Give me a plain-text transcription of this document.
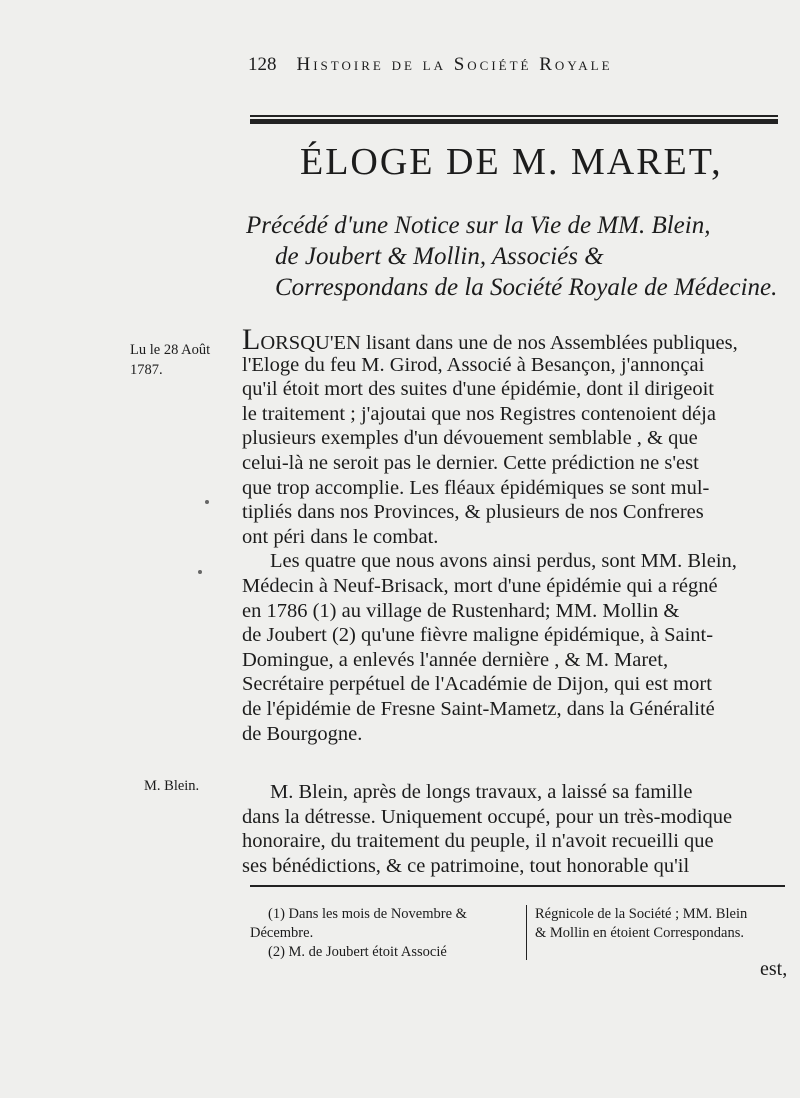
128 Histoire de la Société Royale
ÉLOGE DE M. MARET,
Précédé d'une Notice sur la Vie de MM. Blein,
de Joubert & Mollin, Associés &
Correspondans de la Société Royale de Médecine.
Lu le 28 Août
1787.
M. Blein.
LORSQU'EN lisant dans une de nos Assemblées publiques,
l'Eloge du feu M. Girod, Associé à Besançon, j'annonçai
qu'il étoit mort des suites d'une épidémie, dont il dirigeoit
le traitement ; j'ajoutai que nos Registres contenoient déja
plusieurs exemples d'un dévouement semblable , & que
celui-là ne seroit pas le dernier. Cette prédiction ne s'est
que trop accomplie. Les fléaux épidémiques se sont mul-
tipliés dans nos Provinces, & plusieurs de nos Confreres
ont péri dans le combat.
Les quatre que nous avons ainsi perdus, sont MM. Blein,
Médecin à Neuf-Brisack, mort d'une épidémie qui a régné
en 1786 (1) au village de Rustenhard; MM. Mollin &
de Joubert (2) qu'une fièvre maligne épidémique, à Saint-
Domingue, a enlevés l'année dernière , & M. Maret,
Secrétaire perpétuel de l'Académie de Dijon, qui est mort
de l'épidémie de Fresne Saint-Mametz, dans la Généralité
de Bourgogne.
M. Blein, après de longs travaux, a laissé sa famille
dans la détresse. Uniquement occupé, pour un très-modique
honoraire, du traitement du peuple, il n'avoit recueilli que
ses bénédictions, & ce patrimoine, tout honorable qu'il
(1) Dans les mois de Novembre &
Décembre.
(2) M. de Joubert étoit Associé
Régnicole de la Société ; MM. Blein
& Mollin en étoient Correspondans.
est,
